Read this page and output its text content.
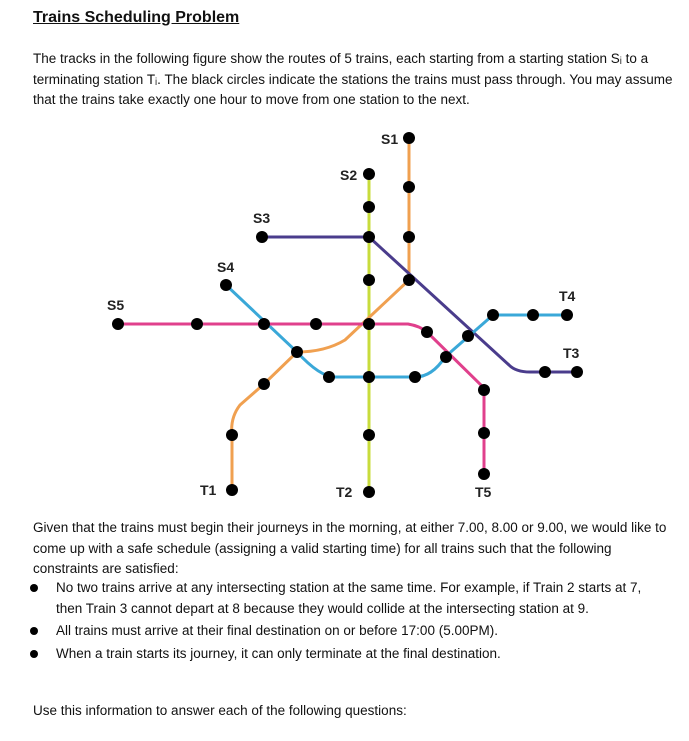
Trains Scheduling Problem
The tracks in the following figure show the routes of 5 trains, each starting from a starting station Sᵢ to a terminating station Tᵢ. The black circles indicate the stations the trains must pass through. You may assume that the trains take exactly one hour to move from one station to the next.
S1
S2
S3
S4
S5
T4
T3
T1	T2	T5
Given that the trains must begin their journeys in the morning, at either 7.00, 8.00 or 9.00, we would like to come up with a safe schedule (assigning a valid starting time) for all trains such that the following constraints are satisfied:
No two trains arrive at any intersecting station at the same time. For example, if Train 2 starts at 7, then Train 3 cannot depart at 8 because they would collide at the intersecting station at 9.
All trains must arrive at their final destination on or before 17:00 (5.00PM).
When a train starts its journey, it can only terminate at the final destination.
Use this information to answer each of the following questions:
